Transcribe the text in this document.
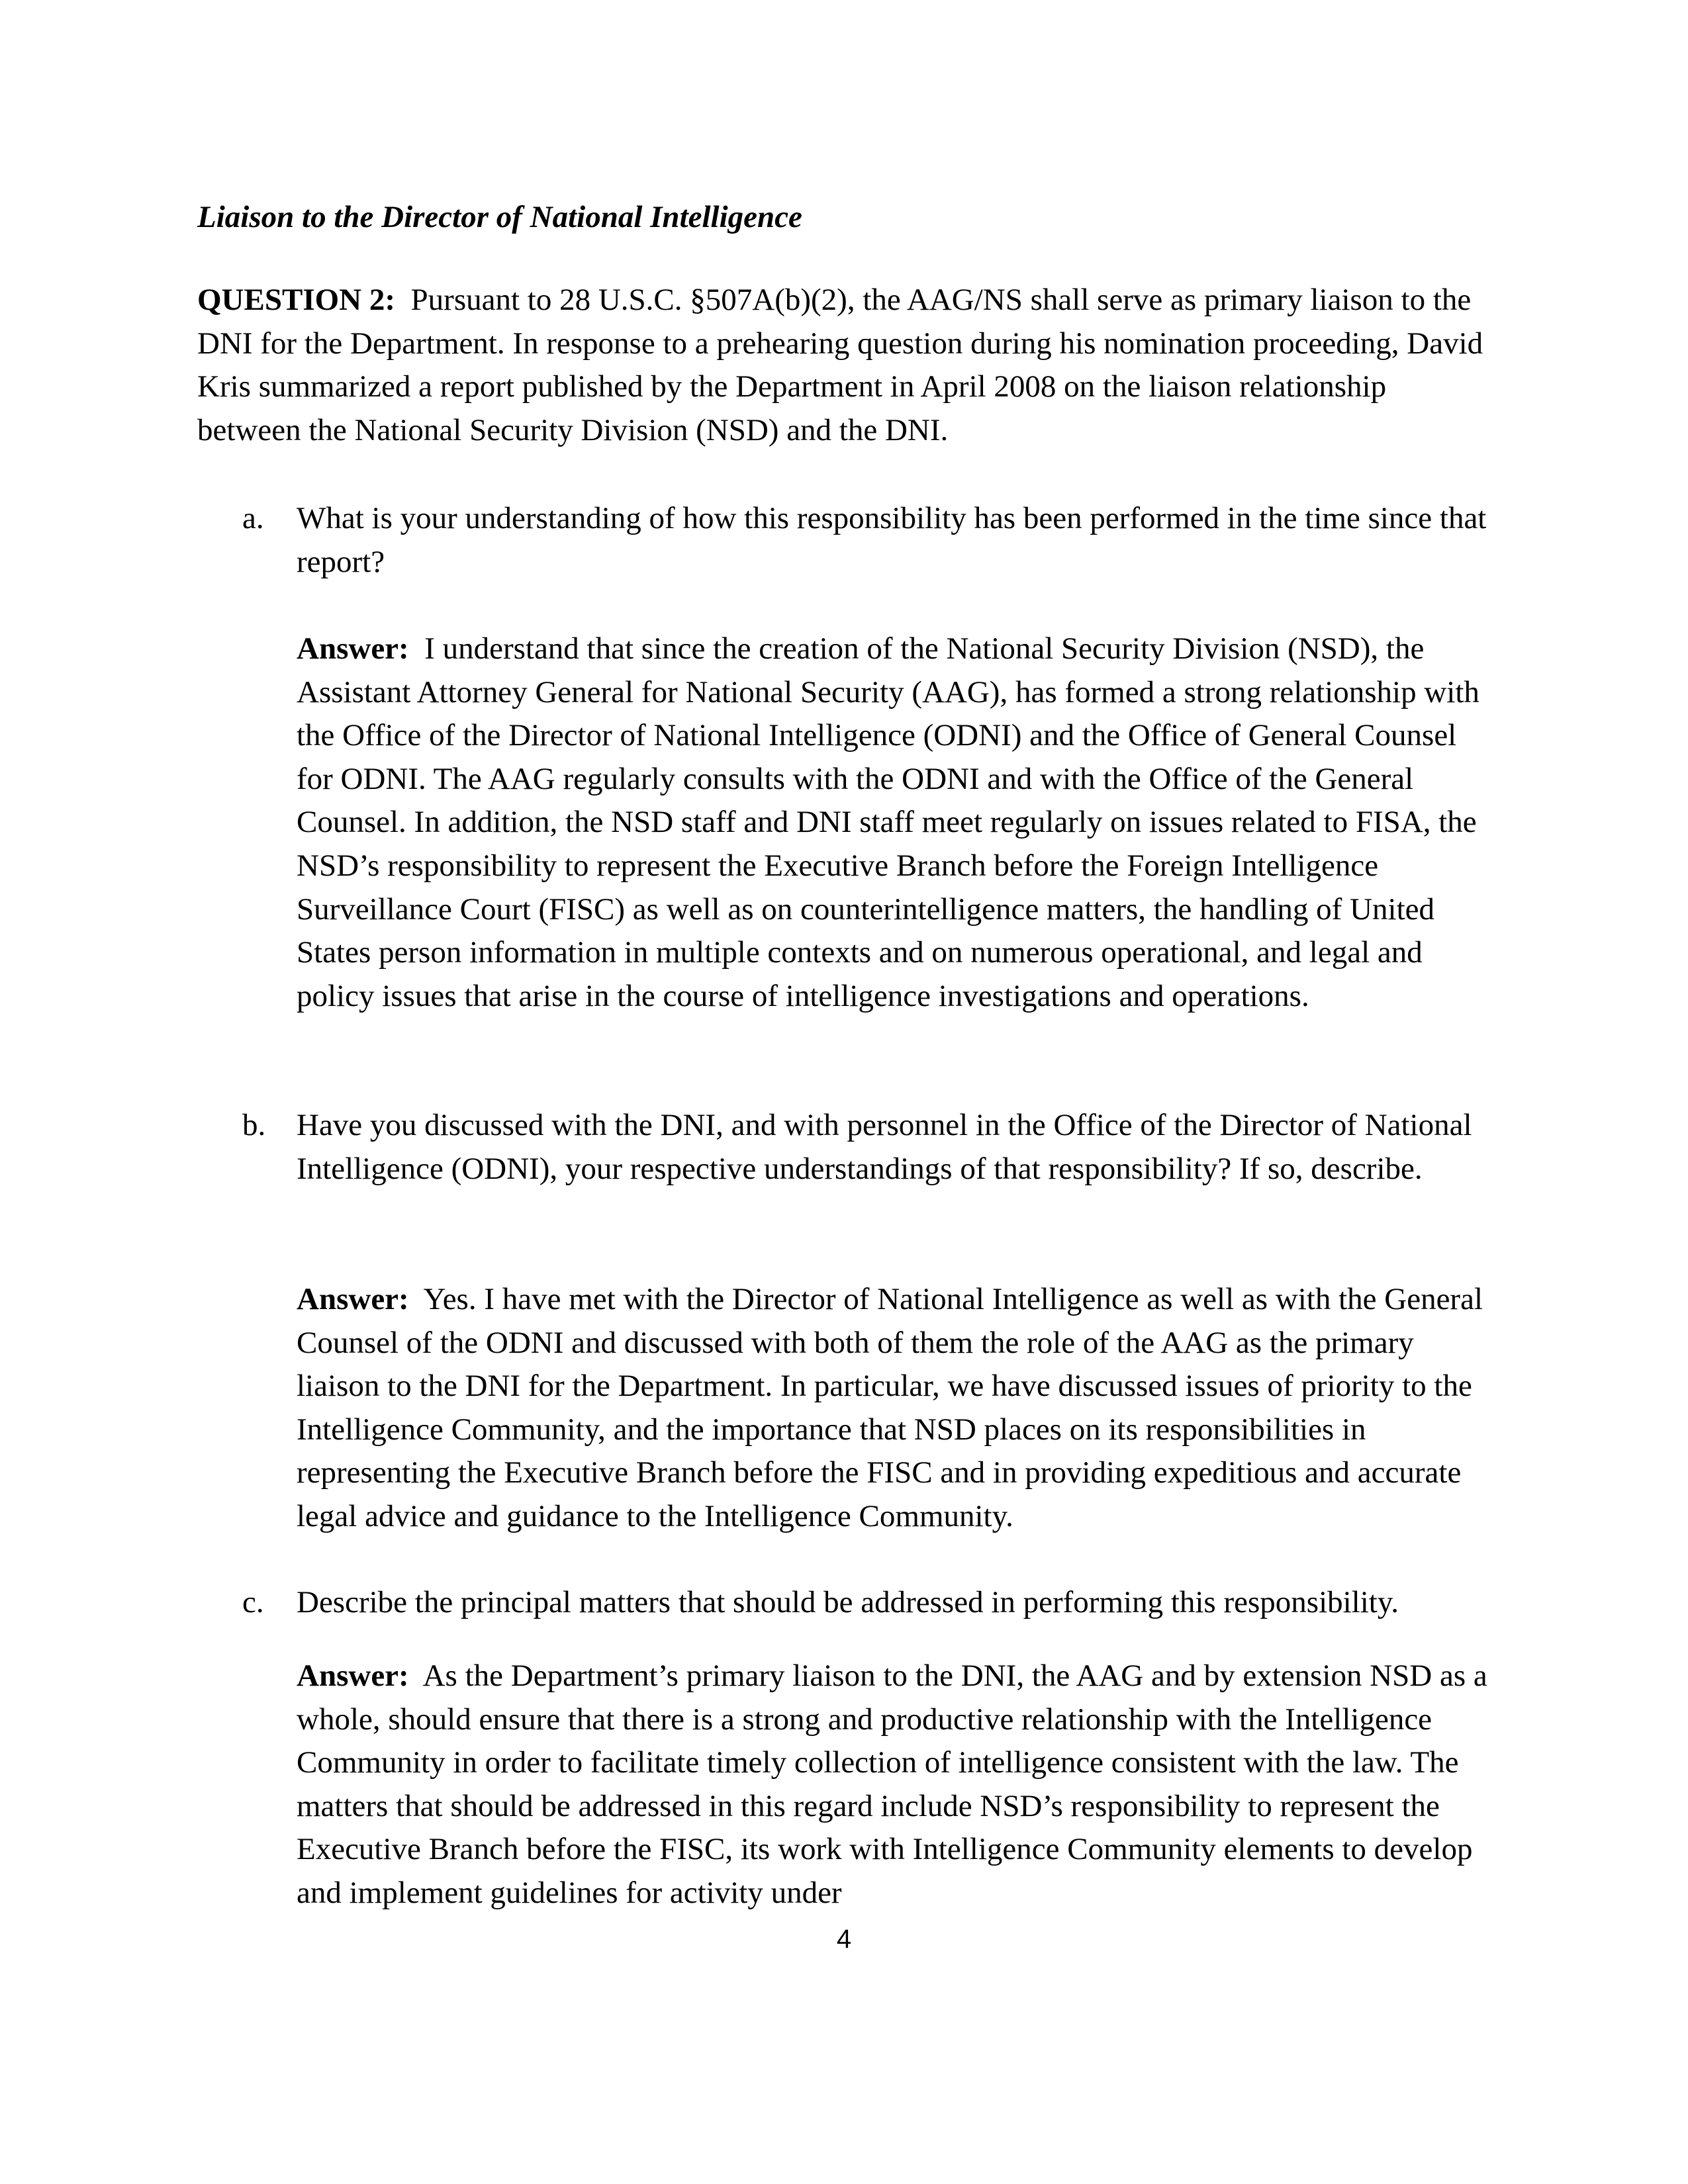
Liaison to the Director of National Intelligence

QUESTION 2: Pursuant to 28 U.S.C. §507A(b)(2), the AAG/NS shall serve as primary liaison to the DNI for the Department. In response to a prehearing question during his nomination proceeding, David Kris summarized a report published by the Department in April 2008 on the liaison relationship between the National Security Division (NSD) and the DNI.

a. What is your understanding of how this responsibility has been performed in the time since that report?

Answer: I understand that since the creation of the National Security Division (NSD), the Assistant Attorney General for National Security (AAG), has formed a strong relationship with the Office of the Director of National Intelligence (ODNI) and the Office of General Counsel for ODNI. The AAG regularly consults with the ODNI and with the Office of the General Counsel. In addition, the NSD staff and DNI staff meet regularly on issues related to FISA, the NSD’s responsibility to represent the Executive Branch before the Foreign Intelligence Surveillance Court (FISC) as well as on counterintelligence matters, the handling of United States person information in multiple contexts and on numerous operational, and legal and policy issues that arise in the course of intelligence investigations and operations.

b. Have you discussed with the DNI, and with personnel in the Office of the Director of National Intelligence (ODNI), your respective understandings of that responsibility? If so, describe.

Answer: Yes. I have met with the Director of National Intelligence as well as with the General Counsel of the ODNI and discussed with both of them the role of the AAG as the primary liaison to the DNI for the Department. In particular, we have discussed issues of priority to the Intelligence Community, and the importance that NSD places on its responsibilities in representing the Executive Branch before the FISC and in providing expeditious and accurate legal advice and guidance to the Intelligence Community.

c. Describe the principal matters that should be addressed in performing this responsibility.

Answer: As the Department’s primary liaison to the DNI, the AAG and by extension NSD as a whole, should ensure that there is a strong and productive relationship with the Intelligence Community in order to facilitate timely collection of intelligence consistent with the law. The matters that should be addressed in this regard include NSD’s responsibility to represent the Executive Branch before the FISC, its work with Intelligence Community elements to develop and implement guidelines for activity under

4
